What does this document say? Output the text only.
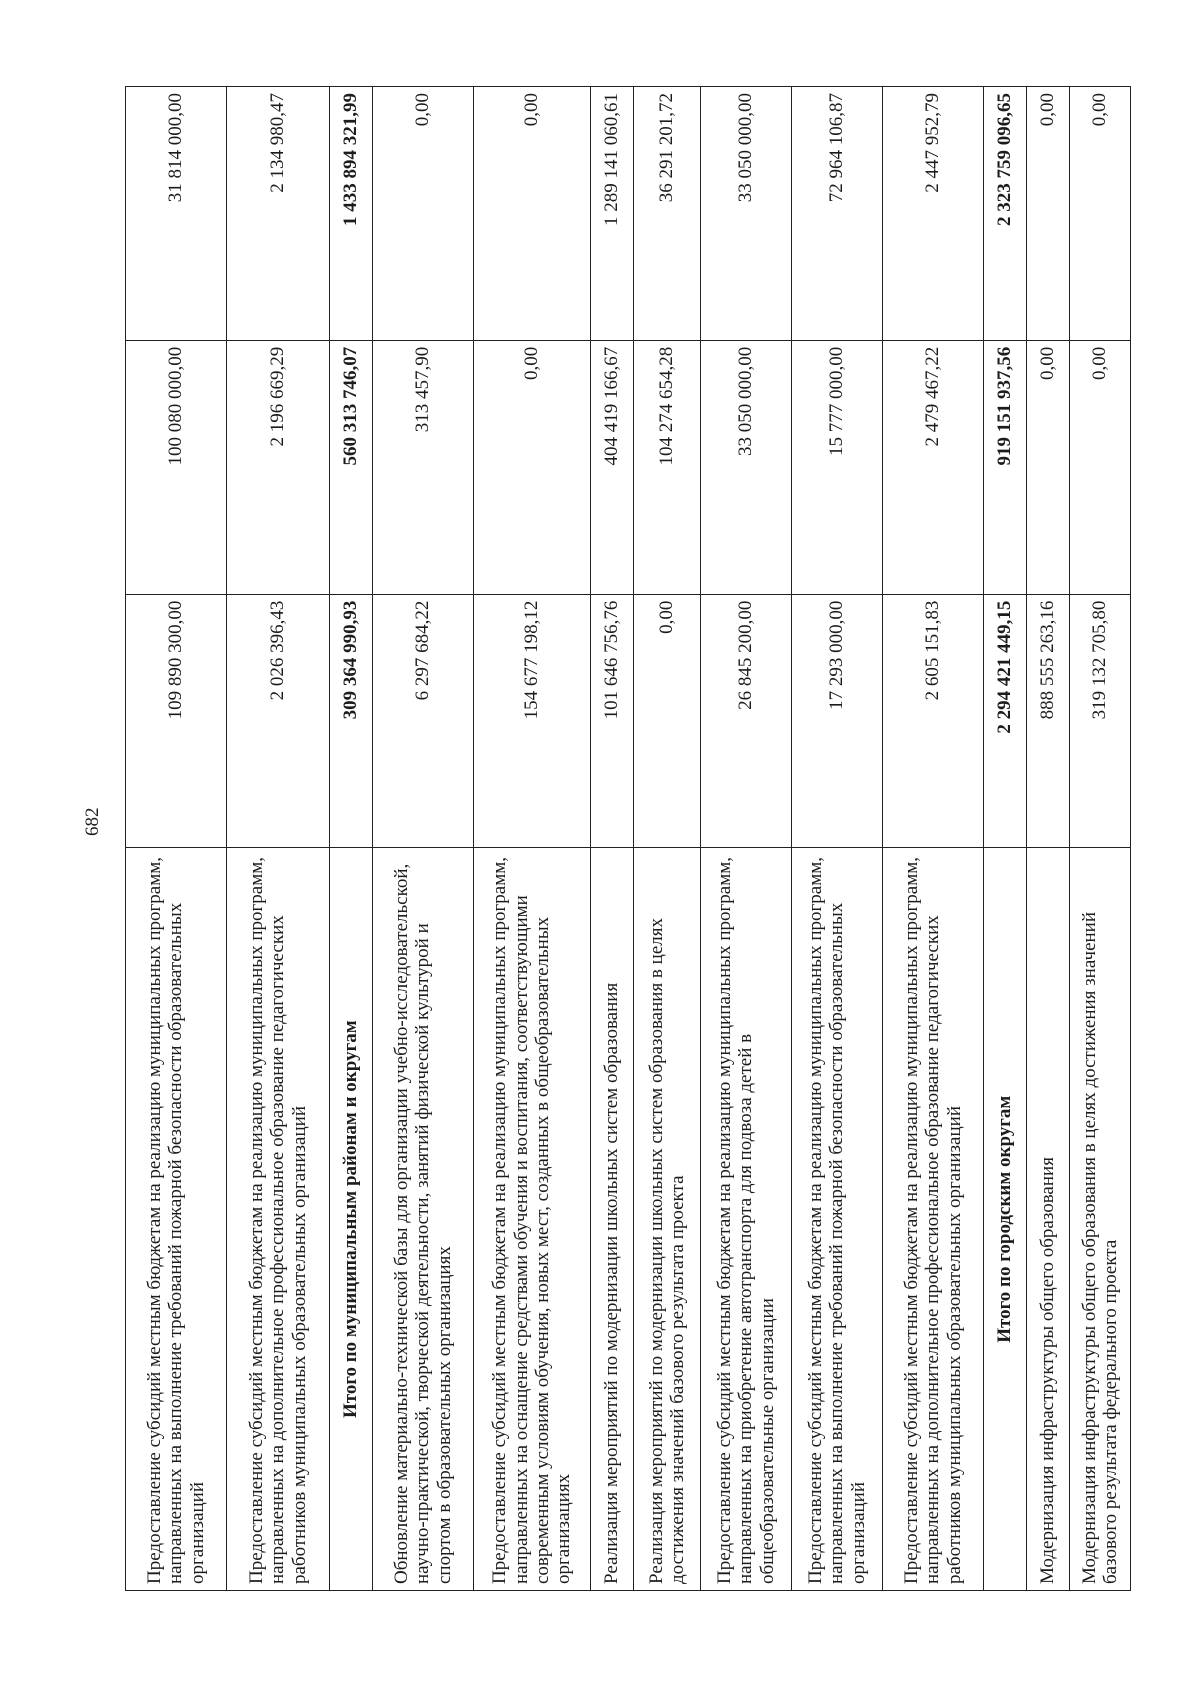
682
Предоставление субсидий местным бюджетам на реализацию муниципальных программ, направленных на выполнение требований пожарной безопасности образовательных организаций	109 890 300,00	100 080 000,00	31 814 000,00
Предоставление субсидий местным бюджетам на реализацию муниципальных программ, направленных на дополнительное профессиональное образование педагогических работников муниципальных образовательных организаций	2 026 396,43	2 196 669,29	2 134 980,47
Итого по муниципальным районам и округам	309 364 990,93	560 313 746,07	1 433 894 321,99
Обновление материально-технической базы для организации учебно-исследовательской, научно-практической, творческой деятельности, занятий физической культурой и спортом в образовательных организациях	6 297 684,22	313 457,90	0,00
Предоставление субсидий местным бюджетам на реализацию муниципальных программ, направленных на оснащение средствами обучения и воспитания, соответствующими современным условиям обучения, новых мест, созданных в общеобразовательных организациях	154 677 198,12	0,00	0,00
Реализация мероприятий по модернизации школьных систем образования	101 646 756,76	404 419 166,67	1 289 141 060,61
Реализация мероприятий по модернизации школьных систем образования в целях достижения значений базового результата проекта	0,00	104 274 654,28	36 291 201,72
Предоставление субсидий местным бюджетам на реализацию муниципальных программ, направленных на приобретение автотранспорта для подвоза детей в общеобразовательные организации	26 845 200,00	33 050 000,00	33 050 000,00
Предоставление субсидий местным бюджетам на реализацию муниципальных программ, направленных на выполнение требований пожарной безопасности образовательных организаций	17 293 000,00	15 777 000,00	72 964 106,87
Предоставление субсидий местным бюджетам на реализацию муниципальных программ, направленных на дополнительное профессиональное образование педагогических работников муниципальных образовательных организаций	2 605 151,83	2 479 467,22	2 447 952,79
Итого по городским округам	2 294 421 449,15	919 151 937,56	2 323 759 096,65
Модернизация инфраструктуры общего образования	888 555 263,16	0,00	0,00
Модернизация инфраструктуры общего образования в целях достижения значений базового результата федерального проекта	319 132 705,80	0,00	0,00
